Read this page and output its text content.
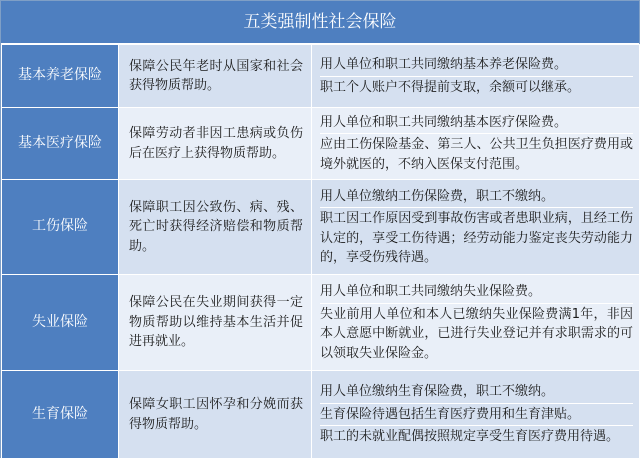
五类强制性社会保险
基本养老保险	保障公民年老时从国家和社会获得物质帮助。	用人单位和职工共同缴纳基本养老保险费。

职工个人账户不得提前支取，余额可以继承。

基本医疗保险	保障劳动者非因工患病或负伤后在医疗上获得物质帮助。	用人单位和职工共同缴纳基本医疗保险费。

应由工伤保险基金、第三人、公共卫生负担医疗费用或境外就医的，不纳入医保支付范围。

工伤保险	保障职工因公致伤、病、残、死亡时获得经济赔偿和物质帮助。	用人单位缴纳工伤保险费，职工不缴纳。

职工因工作原因受到事故伤害或者患职业病，且经工伤认定的，享受工伤待遇；经劳动能力鉴定丧失劳动能力的，享受伤残待遇。

失业保险	保障公民在失业期间获得一定物质帮助以维持基本生活并促进再就业。	用人单位和职工共同缴纳失业保险费。

失业前用人单位和本人已缴纳失业保险费满1年，非因本人意愿中断就业，已进行失业登记并有求职需求的可以领取失业保险金。

生育保险	保障女职工因怀孕和分娩而获得物质帮助。	用人单位缴纳生育保险费，职工不缴纳。

生育保险待遇包括生育医疗费用和生育津贴。

职工的未就业配偶按照规定享受生育医疗费用待遇。
